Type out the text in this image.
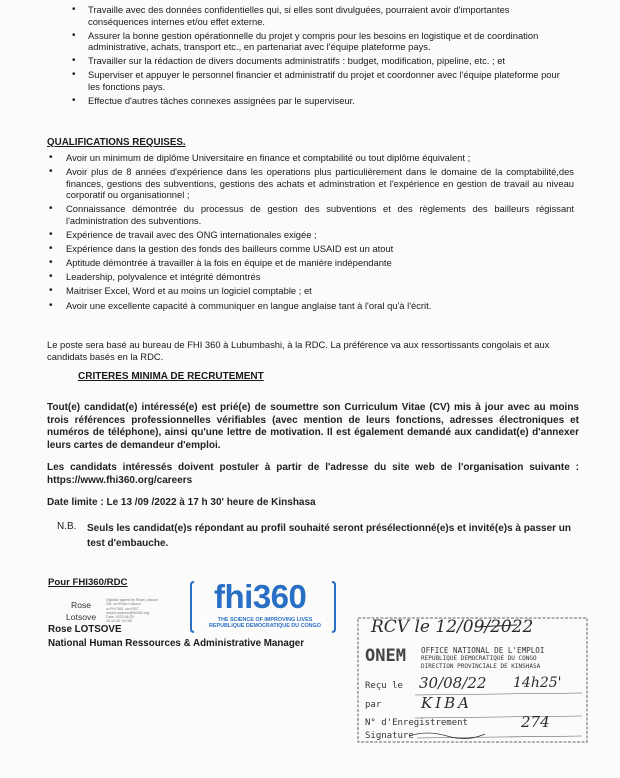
• Travaille avec des données confidentielles qui, si elles sont divulguées, pourraient avoir d'importantes conséquences internes et/ou effet externe.
• Assurer la bonne gestion opérationnelle du projet y compris pour les besoins en logistique et de coordination administrative, achats, transport etc., en partenariat avec l'équipe plateforme pays.
• Travailler sur la rédaction de divers documents administratifs : budget, modification, pipeline, etc. ; et
• Superviser et appuyer le personnel financier et administratif du projet et coordonner avec l'équipe plateforme pour les fonctions pays.
• Effectue d'autres tâches connexes assignées par le superviseur.
QUALIFICATIONS REQUISES.
• Avoir un minimum de diplôme Universitaire en finance et comptabilité ou tout diplôme équivalent ;
• Avoir plus de 8 années d'expérience dans les operations plus particulièrement dans le domaine de la comptabilité,des finances, gestions des subventions, gestions des achats et adminstration et l'expérience en gestion de travail au niveau corporatif ou organisationnel ;
• Connaissance démontrée du processus de gestion des subventions et des règlements des bailleurs régissant l'administration des subventions.
• Expérience de travail avec des ONG internationales exigée ;
• Expérience dans la gestion des fonds des bailleurs comme USAID est un atout
• Aptitude démontrée à travailler à la fois en équipe et de manière indépendante
• Leadership, polyvalence et intégrité démontrés
• Maitriser Excel, Word et au moins un logiciel comptable ; et
• Avoir une excellente capacité à communiquer en langue anglaise tant à l'oral qu'à l'écrit.
Le poste sera basé au bureau de FHI 360 à Lubumbashi, à la RDC. La préférence va aux ressortissants congolais et aux candidats basés en la RDC.
CRITERES MINIMA DE RECRUTEMENT
Tout(e) candidat(e) intéressé(e) est prié(e) de soumettre son Curriculum Vitae (CV) mis à jour avec au moins trois références professionnelles vérifiables (avec mention de leurs fonctions, adresses électroniques et numéros de téléphone), ainsi qu'une lettre de motivation. Il est également demandé aux candidat(e) d'annexer leurs cartes de demandeur d'emploi.
Les candidats intéressés doivent postuler à partir de l'adresse du site web de l'organisation suivante : https://www.fhi360.org/careers
Date limite : Le 13 /09 /2022 à 17 h 30' heure de Kinshasa
N.B. Seuls les candidat(e)s répondant au profil souhaité seront présélectionné(e)s et invité(e)s à passer un test d'embauche.
Pour FHI360/RDC
Rose
Lotsove
Digitally signed by Rose Lotsove
DN: cn=Rose Lotsove
o=FHI 360, ou=RDC
email=rlotsove@fhi360.org
Date: 2022.08.30
16:12:45 +01'00'
Rose LOTSOVE
National Human Ressources & Administrative Manager
fhi360
THE SCIENCE OF IMPROVING LIVES
REPUBLIQUE DEMOCRATIQUE DU CONGO	RCV le 12/09/2022
ONEM OFFICE NATIONAL DE L'EMPLOI
REPUBLIQUE DEMOCRATIQUE DU CONGO
DIRECTION PROVINCIALE DE KINSHASA
Reçu le 30/08/22 14h25'
par	KIBA
N° d'Enregistrement	274
Signature
